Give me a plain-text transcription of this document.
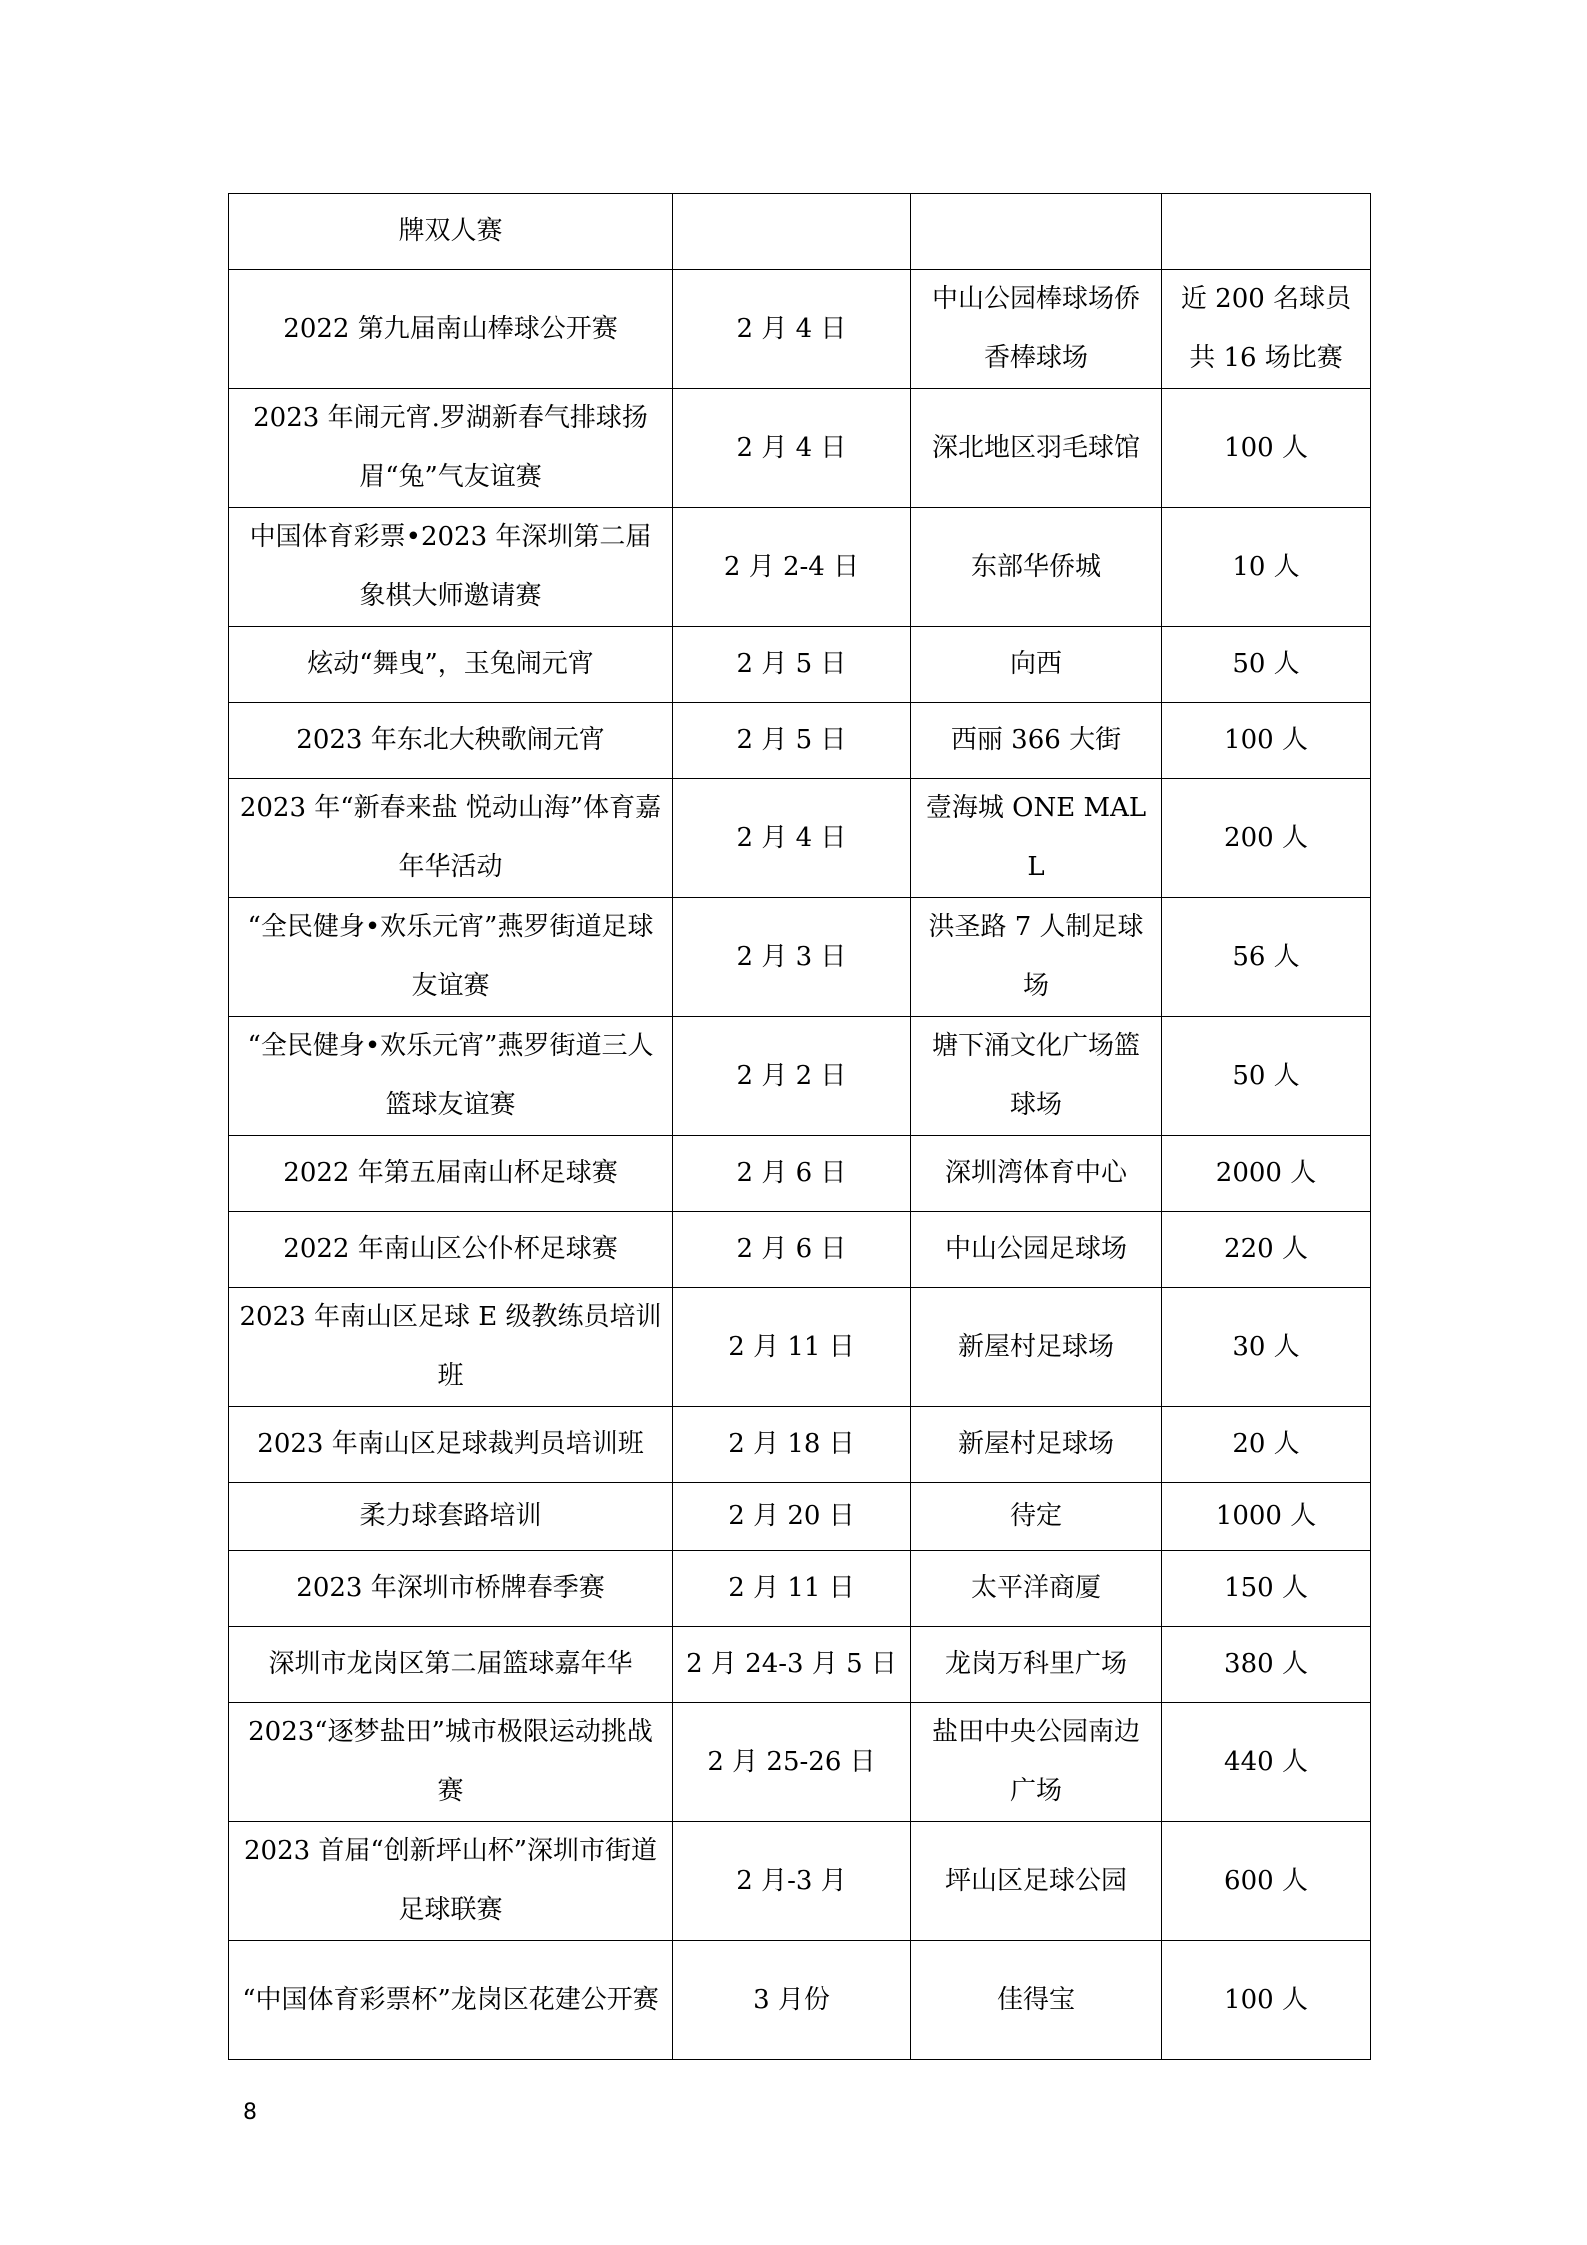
牌双人赛			
2022 第九届南山棒球公开赛	2 月 4 日	中山公园棒球场侨香棒球场	近 200 名球员共 16 场比赛
2023 年闹元宵.罗湖新春气排球扬眉“兔”气友谊赛	2 月 4 日	深北地区羽毛球馆	100 人
中国体育彩票•2023 年深圳第二届象棋大师邀请赛	2 月 2-4 日	东部华侨城	10 人
炫动“舞曳”，玉兔闹元宵	2 月 5 日	向西	50 人
2023 年东北大秧歌闹元宵	2 月 5 日	西丽 366 大街	100 人
2023 年“新春来盐 悦动山海”体育嘉年华活动	2 月 4 日	壹海城 ONE MALL	200 人
“全民健身•欢乐元宵”燕罗街道足球友谊赛	2 月 3 日	洪圣路 7 人制足球场	56 人
“全民健身•欢乐元宵”燕罗街道三人篮球友谊赛	2 月 2 日	塘下涌文化广场篮球场	50 人
2022 年第五届南山杯足球赛	2 月 6 日	深圳湾体育中心	2000 人
2022 年南山区公仆杯足球赛	2 月 6 日	中山公园足球场	220 人
2023 年南山区足球 E 级教练员培训班	2 月 11 日	新屋村足球场	30 人
2023 年南山区足球裁判员培训班	2 月 18 日	新屋村足球场	20 人
柔力球套路培训	2 月 20 日	待定	1000 人
2023 年深圳市桥牌春季赛	2 月 11 日	太平洋商厦	150 人
深圳市龙岗区第二届篮球嘉年华	2 月 24-3 月 5 日	龙岗万科里广场	380 人
2023“逐梦盐田”城市极限运动挑战赛	2 月 25-26 日	盐田中央公园南边广场	440 人
2023 首届“创新坪山杯”深圳市街道足球联赛	2 月-3 月	坪山区足球公园	600 人
“中国体育彩票杯”龙岗区花建公开赛	3 月份	佳得宝	100 人
8
